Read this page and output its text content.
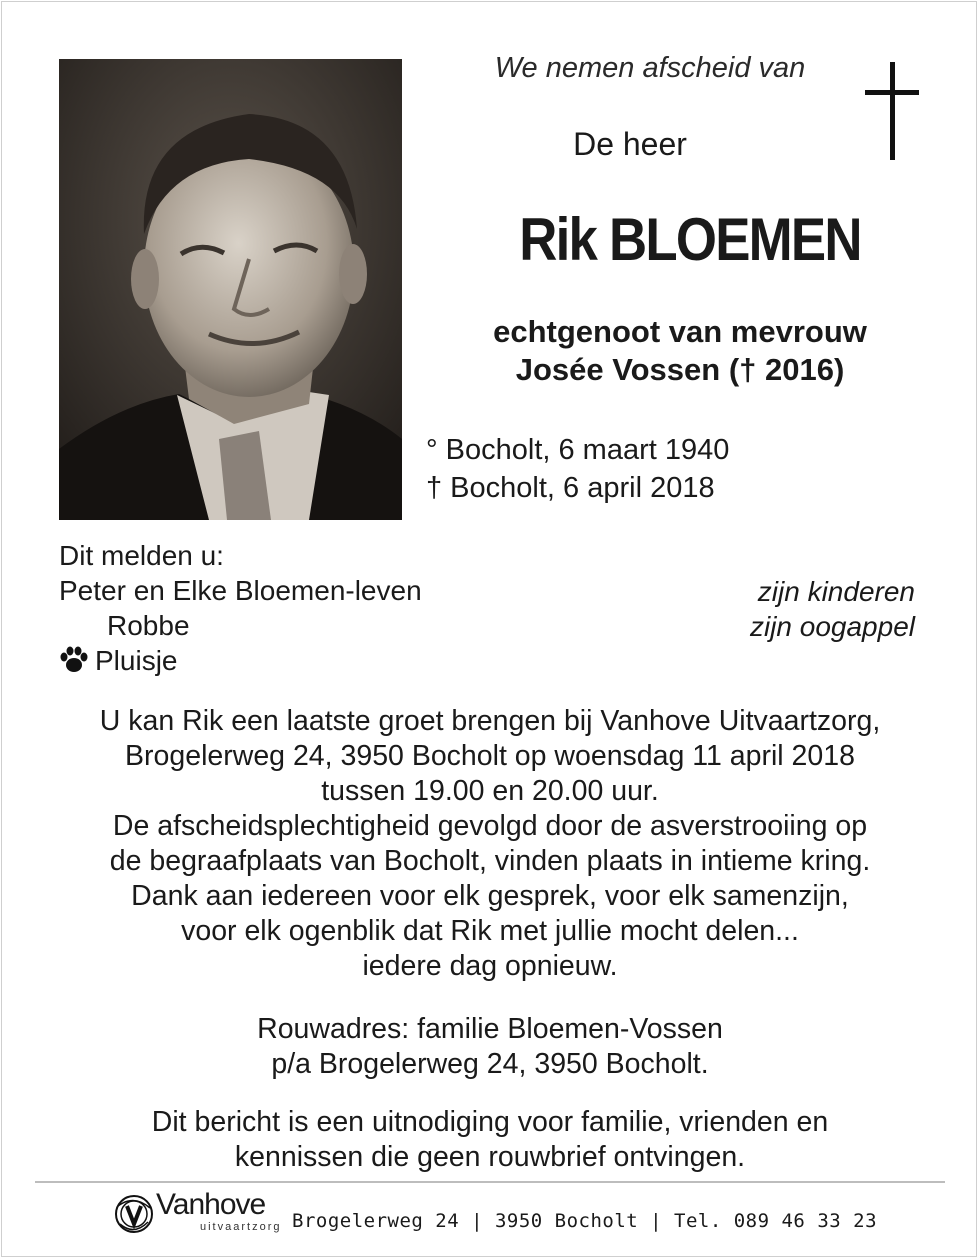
We nemen afscheid van
De heer
Rik BLOEMEN
echtgenoot van mevrouw
Josée Vossen († 2016)
° Bocholt, 6 maart 1940
† Bocholt, 6 april 2018
Dit melden u:
Peter en Elke Bloemen-leven
Robbe
Pluisje
zijn kinderen
zijn oogappel
U kan Rik een laatste groet brengen bij Vanhove Uitvaartzorg,
Brogelerweg 24, 3950 Bocholt op woensdag 11 april 2018
tussen 19.00 en 20.00 uur.
De afscheidsplechtigheid gevolgd door de asverstrooiing op
de begraafplaats van Bocholt, vinden plaats in intieme kring.
Dank aan iedereen voor elk gesprek, voor elk samenzijn,
voor elk ogenblik dat Rik met jullie mocht delen...
iedere dag opnieuw.
Rouwadres: familie Bloemen-Vossen
p/a Brogelerweg 24, 3950 Bocholt.
Dit bericht is een uitnodiging voor familie, vrienden en
kennissen die geen rouwbrief ontvingen.
Vanhove
uitvaartzorg Brogelerweg 24 | 3950 Bocholt | Tel. 089 46 33 23
